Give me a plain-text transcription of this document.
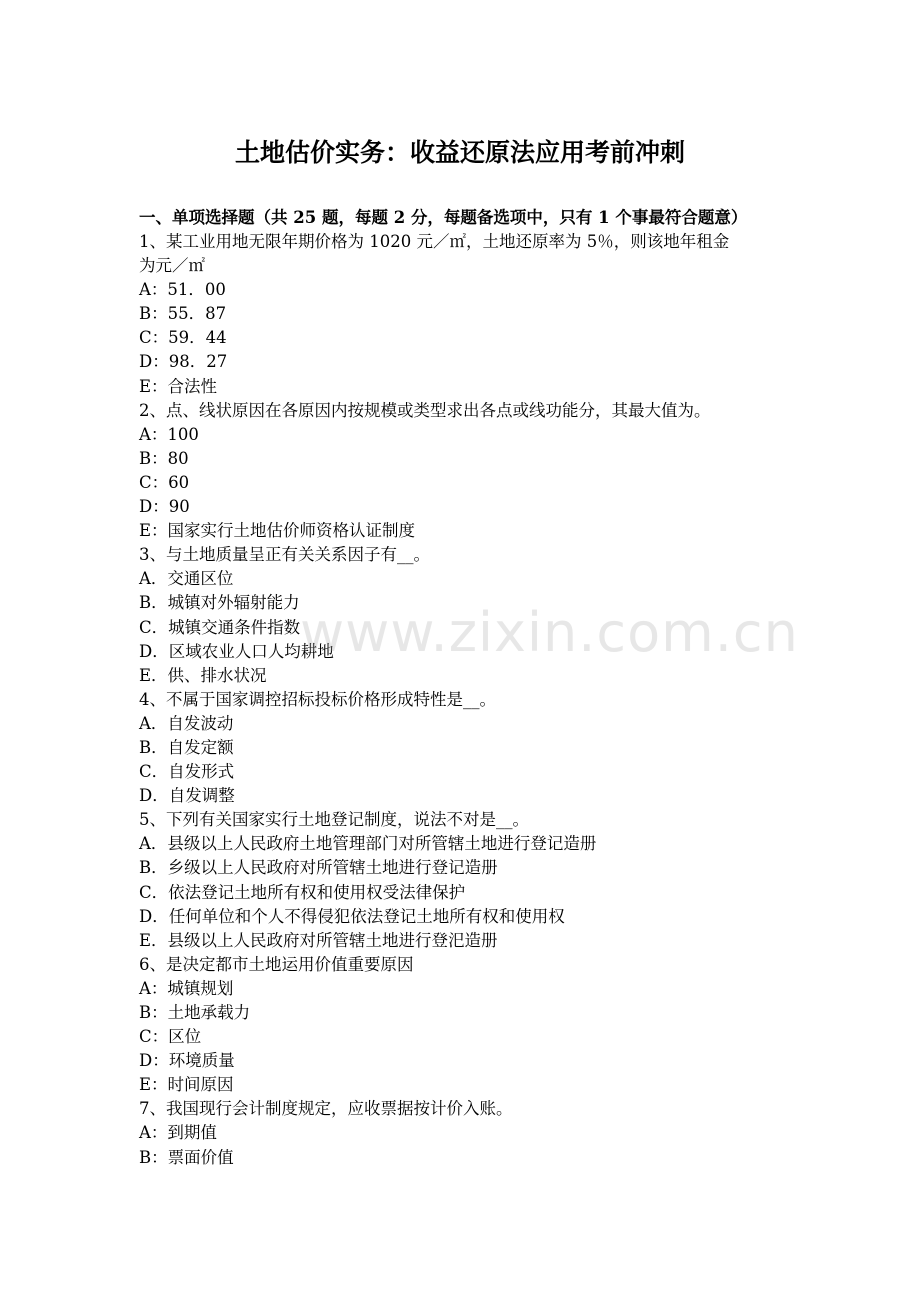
土地估价实务：收益还原法应用考前冲刺
一、单项选择题（共 25 题，每题 2 分，每题备选项中，只有 1 个事最符合题意）
1、某工业用地无限年期价格为 1020 元／㎡，土地还原率为 5％，则该地年租金
为元／㎡
A：51．00
B：55．87
C：59．44
D：98．27
E：合法性
2、点、线状原因在各原因内按规模或类型求出各点或线功能分，其最大值为。
A：100
B：80
C：60
D：90
E：国家实行土地估价师资格认证制度
3、与土地质量呈正有关关系因子有__。
A．交通区位
B．城镇对外辐射能力
C．城镇交通条件指数
D．区域农业人口人均耕地
E．供、排水状况
4、不属于国家调控招标投标价格形成特性是__。
A．自发波动
B．自发定额
C．自发形式
D．自发调整
5、下列有关国家实行土地登记制度，说法不对是__。
A．县级以上人民政府土地管理部门对所管辖土地进行登记造册
B．乡级以上人民政府对所管辖土地进行登记造册
C．依法登记土地所有权和使用权受法律保护
D．任何单位和个人不得侵犯依法登记土地所有权和使用权
E．县级以上人民政府对所管辖土地进行登汜造册
6、是决定都市土地运用价值重要原因
A：城镇规划
B：土地承载力
C：区位
D：环境质量
E：时间原因
7、我国现行会计制度规定，应收票据按计价入账。
A：到期值
B：票面价值
www.zixin.com.cn
